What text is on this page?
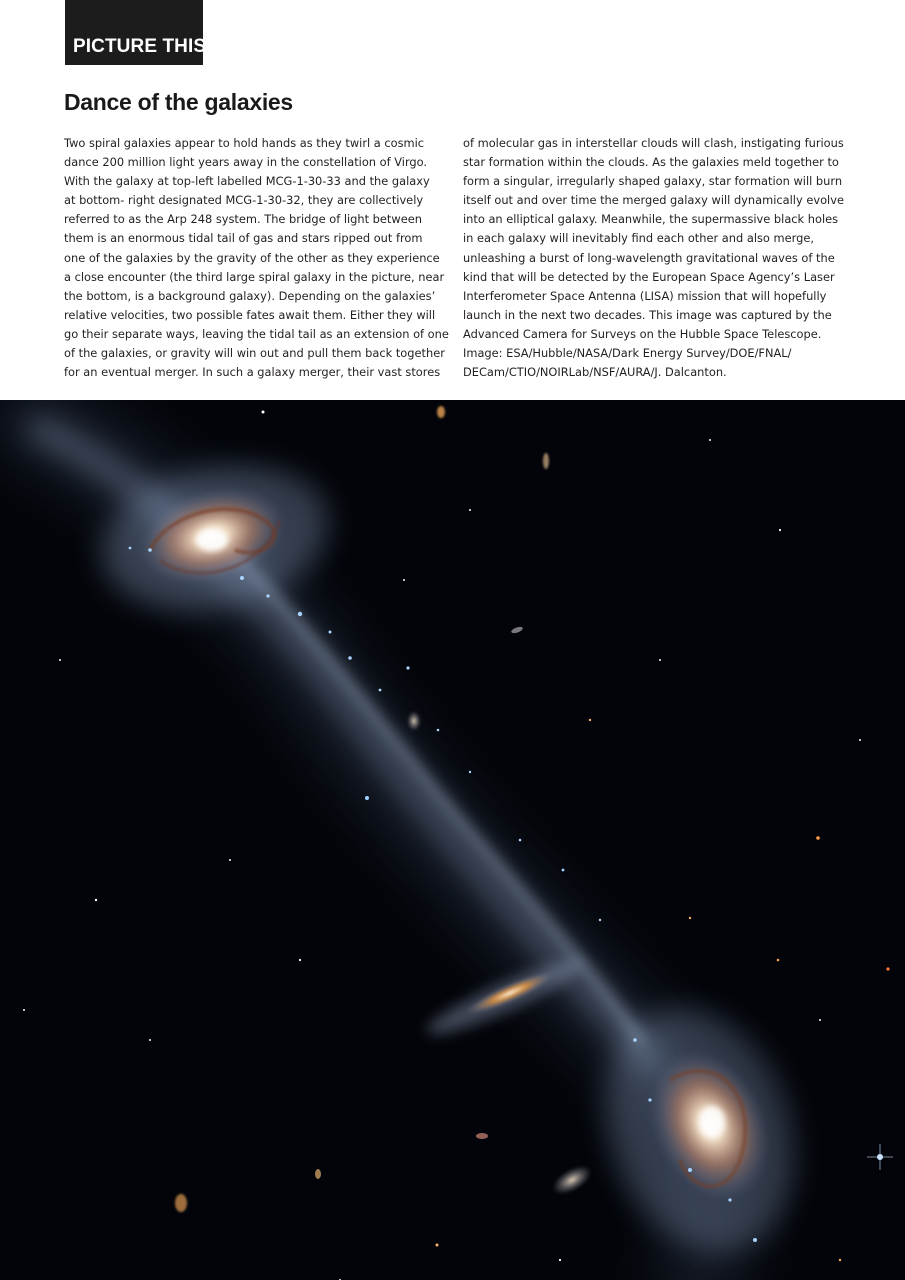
PICTURE THIS
Dance of the galaxies
Two spiral galaxies appear to hold hands as they twirl a cosmic
dance 200 million light years away in the constellation of Virgo.
With the galaxy at top-left labelled MCG-1-30-33 and the galaxy
at bottom- right designated MCG-1-30-32, they are collectively
referred to as the Arp 248 system. The bridge of light between
them is an enormous tidal tail of gas and stars ripped out from
one of the galaxies by the gravity of the other as they experience
a close encounter (the third large spiral galaxy in the picture, near
the bottom, is a background galaxy). Depending on the galaxies’
relative velocities, two possible fates await them. Either they will
go their separate ways, leaving the tidal tail as an extension of one
of the galaxies, or gravity will win out and pull them back together
for an eventual merger. In such a galaxy merger, their vast stores
of molecular gas in interstellar clouds will clash, instigating furious
star formation within the clouds. As the galaxies meld together to
form a singular, irregularly shaped galaxy, star formation will burn
itself out and over time the merged galaxy will dynamically evolve
into an elliptical galaxy. Meanwhile, the supermassive black holes
in each galaxy will inevitably find each other and also merge,
unleashing a burst of long-wavelength gravitational waves of the
kind that will be detected by the European Space Agency’s Laser
Interferometer Space Antenna (LISA) mission that will hopefully
launch in the next two decades. This image was captured by the
Advanced Camera for Surveys on the Hubble Space Telescope.
Image: ESA/Hubble/NASA/Dark Energy Survey/DOE/FNAL/
DECam/CTIO/NOIRLab/NSF/AURA/J. Dalcanton.
